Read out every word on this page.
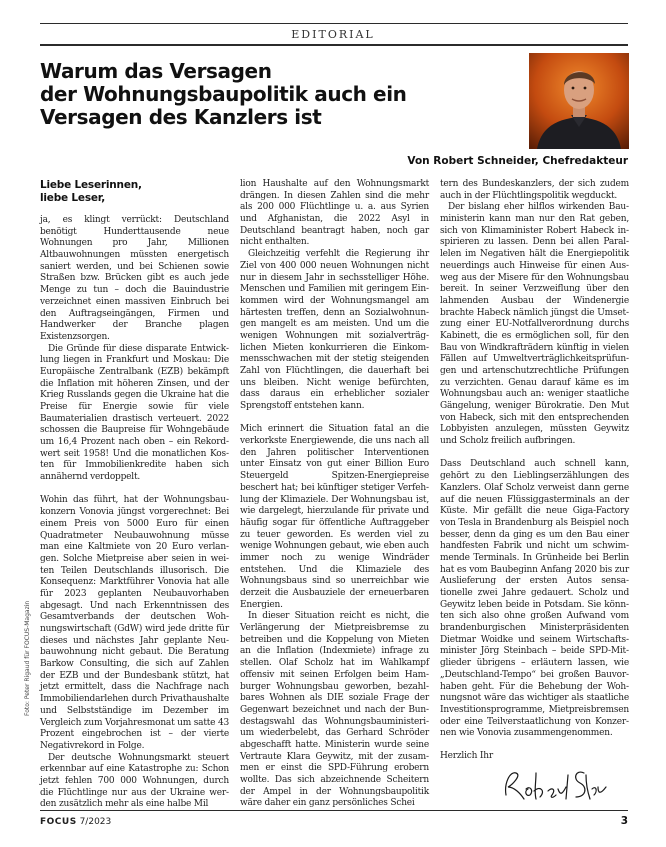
EDITORIAL
Warum das Versagen
der Wohnungsbaupolitik auch ein
Versagen des Kanzlers ist
Von Robert Schneider, Chefredakteur
Liebe Leserinnen,
liebe Leser,

ja, es klingt verrückt: Deutschland benötigt Hunderttausende neue Wohnungen pro Jahr, Millionen Altbauwohnungen müssten energetisch saniert werden, und bei Schienen sowie Straßen bzw. Brücken gibt es auch jede Menge zu tun – doch die Bauindustrie verzeichnet einen massiven Einbruch bei den Auftragseingängen, Firmen und Handwerker der Branche plagen Existenzsorgen.

Die Gründe für diese disparate Entwicklung liegen in Frankfurt und Moskau: Die Europäische Zentralbank (EZB) bekämpft die Inflation mit höheren Zinsen, und der Krieg Russlands gegen die Ukraine hat die Preise für Energie sowie für viele Baumaterialien drastisch verteuert. 2022 schossen die Baupreise für Wohngebäude um 16,4 Prozent nach oben – ein Rekordwert seit 1958! Und die monatlichen Kosten für Immobilienkredite haben sich annähernd verdoppelt.

Wohin das führt, hat der Wohnungsbaukonzern Vonovia jüngst vorgerechnet: Bei einem Preis von 5000 Euro für einen Quadratmeter Neubauwohnung müsse man eine Kaltmiete von 20 Euro verlangen. Solche Mietpreise aber seien in weiten Teilen Deutschlands illusorisch. Die Konsequenz: Marktführer Vonovia hat alle für 2023 geplanten Neubauvorhaben abgesagt. Und nach Erkenntnissen des Gesamtverbands der deutschen Wohnungswirtschaft (GdW) wird jede dritte für dieses und nächstes Jahr geplante Neubauwohnung nicht gebaut. Die Beratung Barkow Consulting, die sich auf Zahlen der EZB und der Bundesbank stützt, hat jetzt ermittelt, dass die Nachfrage nach Immobiliendarlehen durch Privathaushalte und Selbstständige im Dezember im Vergleich zum Vorjahresmonat um satte 43 Prozent eingebrochen ist – der vierte Negativrekord in Folge.

Der deutsche Wohnungsmarkt steuert erkennbar auf eine Katastrophe zu: Schon jetzt fehlen 700 000 Wohnungen, durch die Flüchtlinge nur aus der Ukraine werden zusätzlich mehr als eine halbe Mil

lion Haushalte auf den Wohnungsmarkt drängen. In diesen Zahlen sind die mehr als 200 000 Flüchtlinge u. a. aus Syrien und Afghanistan, die 2022 Asyl in Deutschland beantragt haben, noch gar nicht enthalten.

Gleichzeitig verfehlt die Regierung ihr Ziel von 400 000 neuen Wohnungen nicht nur in diesem Jahr in sechsstelliger Höhe. Menschen und Familien mit geringem Einkommen wird der Wohnungsmangel am härtesten treffen, denn an Sozialwohnungen mangelt es am meisten. Und um die wenigen Wohnungen mit sozialverträglichen Mieten konkurrieren die Einkommensschwachen mit der stetig steigenden Zahl von Flüchtlingen, die dauerhaft bei uns bleiben. Nicht wenige befürchten, dass daraus ein erheblicher sozialer Sprengstoff entstehen kann.

Mich erinnert die Situation fatal an die verkorkste Energiewende, die uns nach all den Jahren politischer Interventionen unter Einsatz von gut einer Billion Euro Steuergeld Spitzen-Energiepreise beschert hat; bei künftiger stetiger Verfehlung der Klimaziele. Der Wohnungsbau ist, wie dargelegt, hierzulande für private und häufig sogar für öffentliche Auftraggeber zu teuer geworden. Es werden viel zu wenige Wohnungen gebaut, wie eben auch immer noch zu wenige Windräder entstehen. Und die Klimaziele des Wohnungsbaus sind so unerreichbar wie derzeit die Ausbauziele der erneuerbaren Energien.

In dieser Situation reicht es nicht, die Verlängerung der Mietpreisbremse zu betreiben und die Koppelung von Mieten an die Inflation (Indexmiete) infrage zu stellen. Olaf Scholz hat im Wahlkampf offensiv mit seinen Erfolgen beim Hamburger Wohnungsbau geworben, bezahlbares Wohnen als DIE soziale Frage der Gegenwart bezeichnet und nach der Bundestagswahl das Wohnungsbauministerium wiederbelebt, das Gerhard Schröder abgeschafft hatte. Ministerin wurde seine Vertraute Klara Geywitz, mit der zusammen er einst die SPD-Führung erobern wollte. Das sich abzeichnende Scheitern der Ampel in der Wohnungsbaupolitik wäre daher ein ganz persönliches Schei

tern des Bundeskanzlers, der sich zudem auch in der Flüchtlingspolitik wegduckt.

Der bislang eher hilflos wirkenden Bauministerin kann man nur den Rat geben, sich von Klimaminister Robert Habeck inspirieren zu lassen. Denn bei allen Parallelen im Negativen hält die Energiepolitik neuerdings auch Hinweise für einen Ausweg aus der Misere für den Wohnungsbau bereit. In seiner Verzweiflung über den lahmenden Ausbau der Windenergie brachte Habeck nämlich jüngst die Umsetzung einer EU-Notfallverordnung durchs Kabinett, die es ermöglichen soll, für den Bau von Windkrafträdern künftig in vielen Fällen auf Umweltverträglichkeitsprüfungen und artenschutzrechtliche Prüfungen zu verzichten. Genau darauf käme es im Wohnungsbau auch an: weniger staatliche Gängelung, weniger Bürokratie. Den Mut von Habeck, sich mit den entsprechenden Lobbyisten anzulegen, müssten Geywitz und Scholz freilich aufbringen.

Dass Deutschland auch schnell kann, gehört zu den Lieblingserzählungen des Kanzlers. Olaf Scholz verweist dann gerne auf die neuen Flüssiggasterminals an der Küste. Mir gefällt die neue Giga-Factory von Tesla in Brandenburg als Beispiel noch besser, denn da ging es um den Bau einer handfesten Fabrik und nicht um schwimmende Terminals. In Grünheide bei Berlin hat es vom Baubeginn Anfang 2020 bis zur Auslieferung der ersten Autos sensationelle zwei Jahre gedauert. Scholz und Geywitz leben beide in Potsdam. Sie könnten sich also ohne großen Aufwand vom brandenburgischen Ministerpräsidenten Dietmar Woidke und seinem Wirtschaftsminister Jörg Steinbach – beide SPD-Mitglieder übrigens – erläutern lassen, wie „Deutschland-Tempo“ bei großen Bauvorhaben geht. Für die Behebung der Wohnungsnot wäre das wichtiger als staatliche Investitionsprogramme, Mietpreisbremsen oder eine Teilverstaatlichung von Konzernen wie Vonovia zusammengenommen.

Herzlich Ihr

Foto: Peter Rigaud für FOCUS-Magazin
FOCUS 7/2023	3
